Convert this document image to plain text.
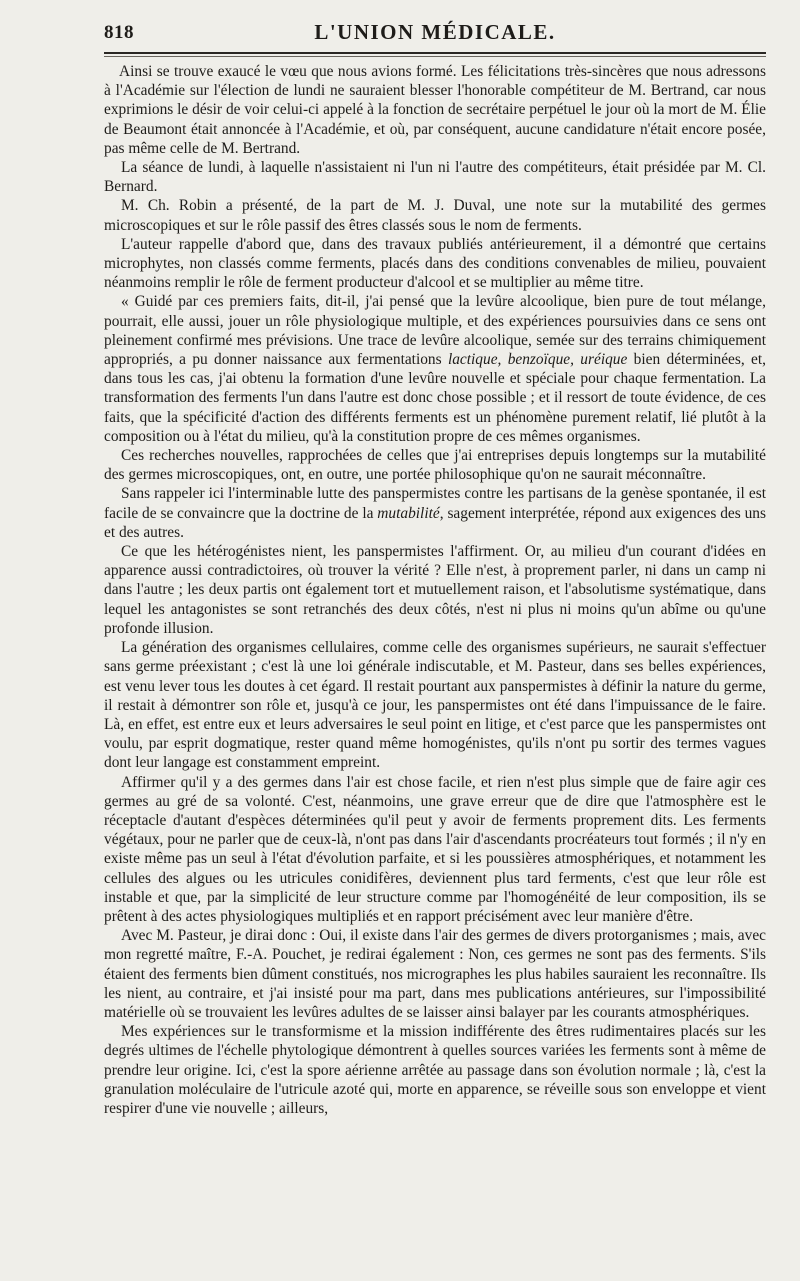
818	L'UNION MÉDICALE.

Ainsi se trouve exaucé le vœu que nous avions formé. Les félicitations très-sincères que nous adressons à l'Académie sur l'élection de lundi ne sauraient blesser l'honorable compétiteur de M. Bertrand, car nous exprimions le désir de voir celui-ci appelé à la fonction de secrétaire perpétuel le jour où la mort de M. Élie de Beaumont était annoncée à l'Académie, et où, par conséquent, aucune candidature n'était encore posée, pas même celle de M. Bertrand.

La séance de lundi, à laquelle n'assistaient ni l'un ni l'autre des compétiteurs, était présidée par M. Cl. Bernard.

M. Ch. Robin a présenté, de la part de M. J. Duval, une note sur la mutabilité des germes microscopiques et sur le rôle passif des êtres classés sous le nom de ferments.

L'auteur rappelle d'abord que, dans des travaux publiés antérieurement, il a démontré que certains microphytes, non classés comme ferments, placés dans des conditions convenables de milieu, pouvaient néanmoins remplir le rôle de ferment producteur d'alcool et se multiplier au même titre.

« Guidé par ces premiers faits, dit-il, j'ai pensé que la levûre alcoolique, bien pure de tout mélange, pourrait, elle aussi, jouer un rôle physiologique multiple, et des expériences poursuivies dans ce sens ont pleinement confirmé mes prévisions. Une trace de levûre alcoolique, semée sur des terrains chimiquement appropriés, a pu donner naissance aux fermentations lactique, benzoïque, uréique bien déterminées, et, dans tous les cas, j'ai obtenu la formation d'une levûre nouvelle et spéciale pour chaque fermentation. La transformation des ferments l'un dans l'autre est donc chose possible ; et il ressort de toute évidence, de ces faits, que la spécificité d'action des différents ferments est un phénomène purement relatif, lié plutôt à la composition ou à l'état du milieu, qu'à la constitution propre de ces mêmes organismes.

Ces recherches nouvelles, rapprochées de celles que j'ai entreprises depuis longtemps sur la mutabilité des germes microscopiques, ont, en outre, une portée philosophique qu'on ne saurait méconnaître.

Sans rappeler ici l'interminable lutte des panspermistes contre les partisans de la genèse spontanée, il est facile de se convaincre que la doctrine de la mutabilité, sagement interprétée, répond aux exigences des uns et des autres.

Ce que les hétérogénistes nient, les panspermistes l'affirment. Or, au milieu d'un courant d'idées en apparence aussi contradictoires, où trouver la vérité ? Elle n'est, à proprement parler, ni dans un camp ni dans l'autre ; les deux partis ont également tort et mutuellement raison, et l'absolutisme systématique, dans lequel les antagonistes se sont retranchés des deux côtés, n'est ni plus ni moins qu'un abîme ou qu'une profonde illusion.

La génération des organismes cellulaires, comme celle des organismes supérieurs, ne saurait s'effectuer sans germe préexistant ; c'est là une loi générale indiscutable, et M. Pasteur, dans ses belles expériences, est venu lever tous les doutes à cet égard. Il restait pourtant aux panspermistes à définir la nature du germe, il restait à démontrer son rôle et, jusqu'à ce jour, les panspermistes ont été dans l'impuissance de le faire. Là, en effet, est entre eux et leurs adversaires le seul point en litige, et c'est parce que les panspermistes ont voulu, par esprit dogmatique, rester quand même homogénistes, qu'ils n'ont pu sortir des termes vagues dont leur langage est constamment empreint.

Affirmer qu'il y a des germes dans l'air est chose facile, et rien n'est plus simple que de faire agir ces germes au gré de sa volonté. C'est, néanmoins, une grave erreur que de dire que l'atmosphère est le réceptacle d'autant d'espèces déterminées qu'il peut y avoir de ferments proprement dits. Les ferments végétaux, pour ne parler que de ceux-là, n'ont pas dans l'air d'ascendants procréateurs tout formés ; il n'y en existe même pas un seul à l'état d'évolution parfaite, et si les poussières atmosphériques, et notamment les cellules des algues ou les utricules conidifères, deviennent plus tard ferments, c'est que leur rôle est instable et que, par la simplicité de leur structure comme par l'homogénéité de leur composition, ils se prêtent à des actes physiologiques multipliés et en rapport précisément avec leur manière d'être.

Avec M. Pasteur, je dirai donc : Oui, il existe dans l'air des germes de divers protorganismes ; mais, avec mon regretté maître, F.-A. Pouchet, je redirai également : Non, ces germes ne sont pas des ferments. S'ils étaient des ferments bien dûment constitués, nos micrographes les plus habiles sauraient les reconnaître. Ils les nient, au contraire, et j'ai insisté pour ma part, dans mes publications antérieures, sur l'impossibilité matérielle où se trouvaient les levûres adultes de se laisser ainsi balayer par les courants atmosphériques.

Mes expériences sur le transformisme et la mission indifférente des êtres rudimentaires placés sur les degrés ultimes de l'échelle phytologique démontrent à quelles sources variées les ferments sont à même de prendre leur origine. Ici, c'est la spore aérienne arrêtée au passage dans son évolution normale ; là, c'est la granulation moléculaire de l'utricule azoté qui, morte en apparence, se réveille sous son enveloppe et vient respirer d'une vie nouvelle ; ailleurs,
